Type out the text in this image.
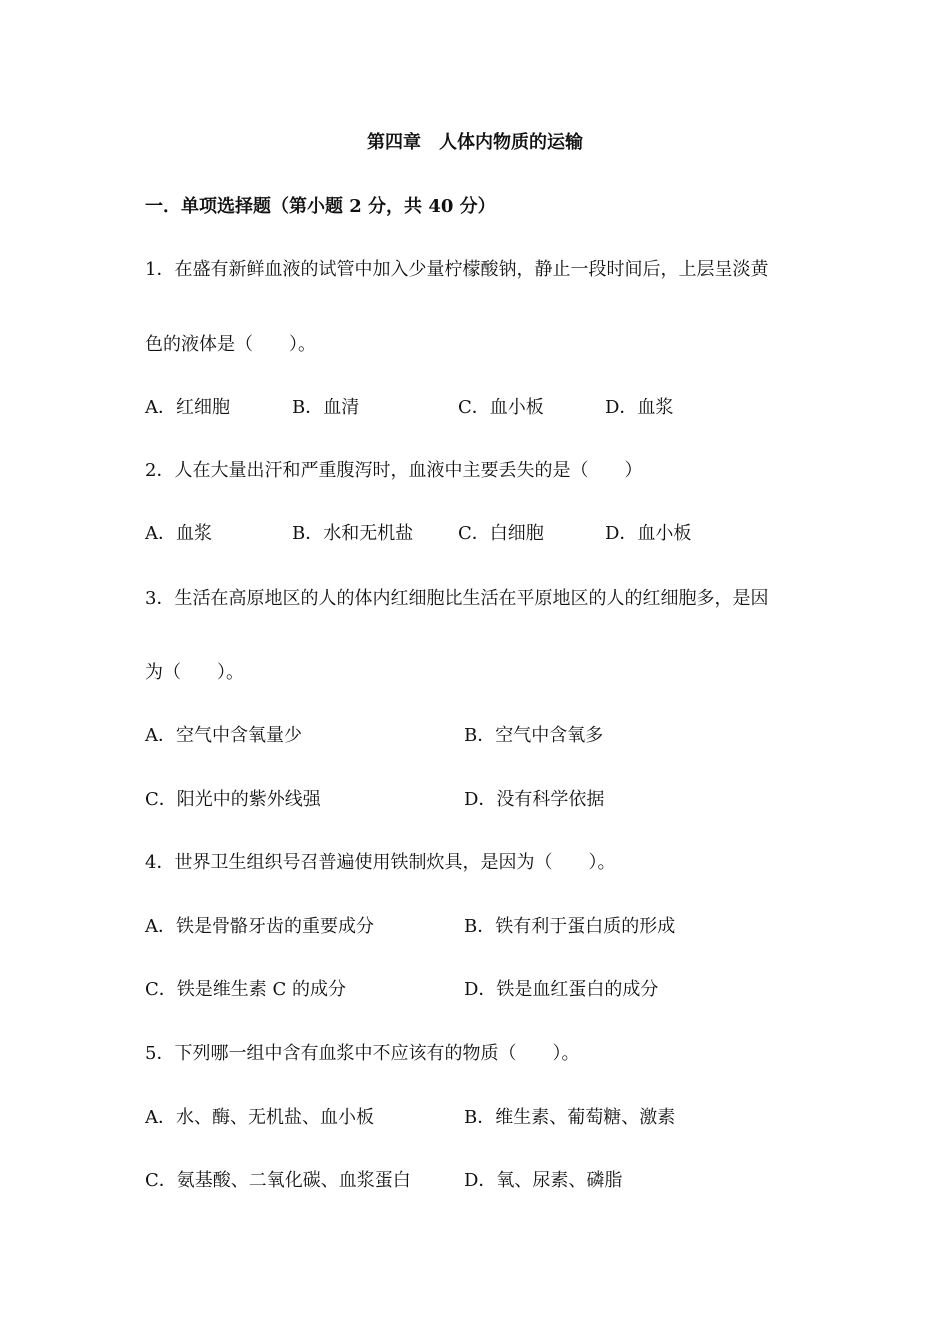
第四章　人体内物质的运输
一．单项选择题（第小题 2 分，共 40 分）
1．在盛有新鲜血液的试管中加入少量柠檬酸钠，静止一段时间后，上层呈淡黄
色的液体是（　　）。
A．红细胞	B．血清	C．血小板	D．血浆
2．人在大量出汗和严重腹泻时，血液中主要丢失的是（　　）
A．血浆	B．水和无机盐 C．白细胞	D．血小板
3．生活在高原地区的人的体内红细胞比生活在平原地区的人的红细胞多，是因
为（　　）。
A．空气中含氧量少	B．空气中含氧多
C．阳光中的紫外线强	D．没有科学依据
4．世界卫生组织号召普遍使用铁制炊具，是因为（　　）。
A．铁是骨骼牙齿的重要成分	B．铁有利于蛋白质的形成
C．铁是维生素 C 的成分	D．铁是血红蛋白的成分
5．下列哪一组中含有血浆中不应该有的物质（　　）。
A．水、酶、无机盐、血小板	B．维生素、葡萄糖、激素
C．氨基酸、二氧化碳、血浆蛋白	D．氧、尿素、磷脂
